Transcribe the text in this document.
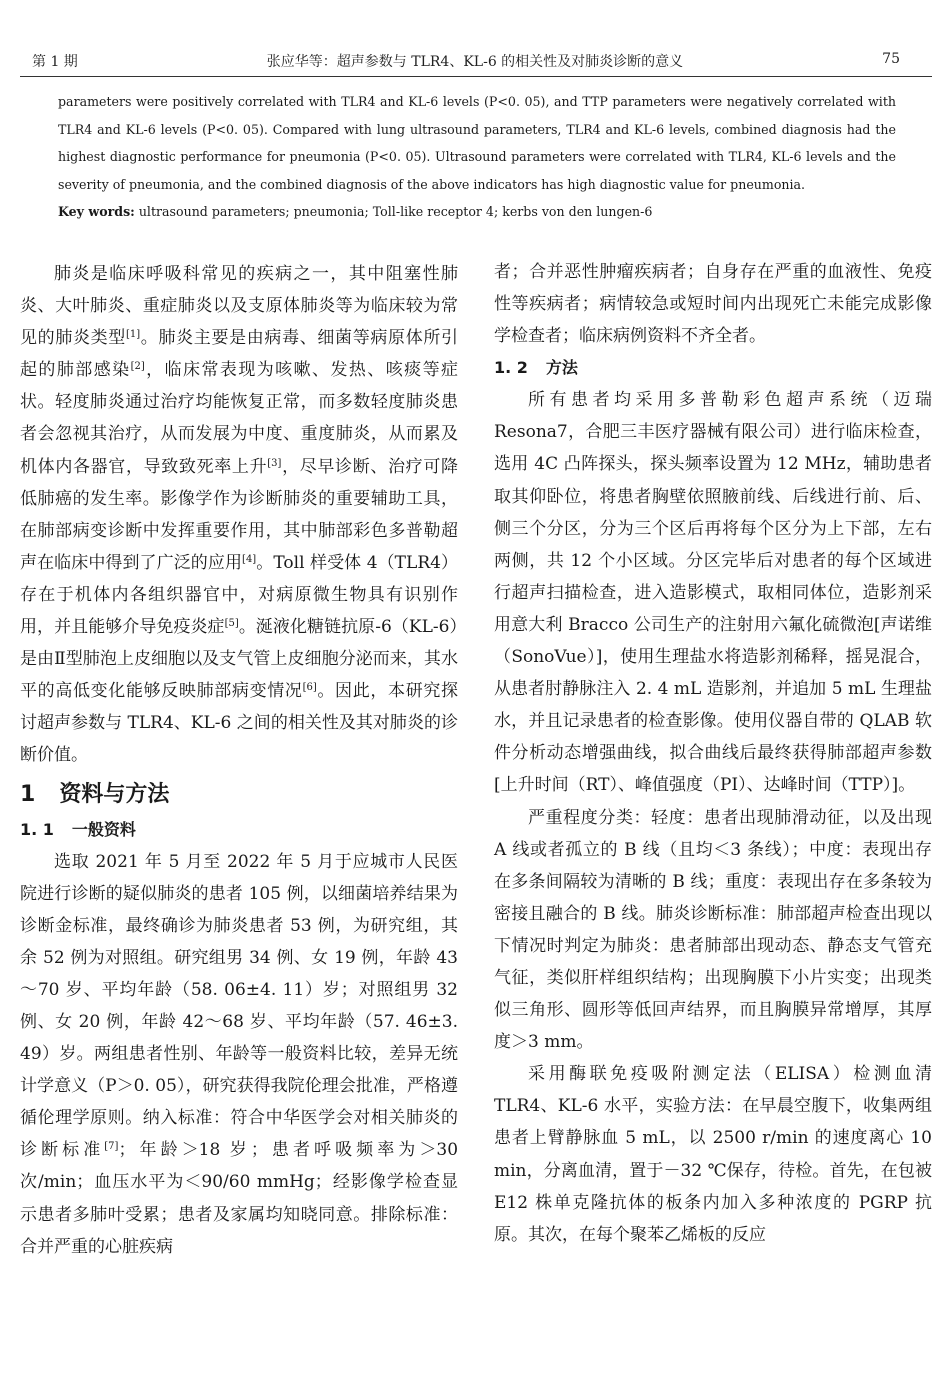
第 1 期	张应华等：超声参数与 TLR4、KL-6 的相关性及对肺炎诊断的意义	75

parameters were positively correlated with TLR4 and KL-6 levels (P<0. 05), and TTP parameters were negatively correlated with TLR4 and KL-6 levels (P<0. 05). Compared with lung ultrasound parameters, TLR4 and KL-6 levels, combined diagnosis had the highest diagnostic performance for pneumonia (P<0. 05). Ultrasound parameters were correlated with TLR4, KL-6 levels and the severity of pneumonia, and the combined diagnosis of the above indicators has high diagnostic value for pneumonia.

Key words: ultrasound parameters; pneumonia; Toll-like receptor 4; kerbs von den lungen-6

肺炎是临床呼吸科常见的疾病之一，其中阻塞性肺炎、大叶肺炎、重症肺炎以及支原体肺炎等为临床较为常见的肺炎类型[1]。肺炎主要是由病毒、细菌等病原体所引起的肺部感染[2]，临床常表现为咳嗽、发热、咳痰等症状。轻度肺炎通过治疗均能恢复正常，而多数轻度肺炎患者会忽视其治疗，从而发展为中度、重度肺炎，从而累及机体内各器官，导致致死率上升[3]，尽早诊断、治疗可降低肺癌的发生率。影像学作为诊断肺炎的重要辅助工具，在肺部病变诊断中发挥重要作用，其中肺部彩色多普勒超声在临床中得到了广泛的应用[4]。Toll 样受体 4（TLR4）存在于机体内各组织器官中，对病原微生物具有识别作用，并且能够介导免疫炎症[5]。涎液化糖链抗原-6（KL-6）是由Ⅱ型肺泡上皮细胞以及支气管上皮细胞分泌而来，其水平的高低变化能够反映肺部病变情况[6]。因此，本研究探讨超声参数与 TLR4、KL-6 之间的相关性及其对肺炎的诊断价值。

1 资料与方法
1. 1 一般资料

选取 2021 年 5 月至 2022 年 5 月于应城市人民医院进行诊断的疑似肺炎的患者 105 例，以细菌培养结果为诊断金标准，最终确诊为肺炎患者 53 例，为研究组，其余 52 例为对照组。研究组男 34 例、女 19 例，年龄 43～70 岁、平均年龄（58. 06±4. 11）岁；对照组男 32 例、女 20 例，年龄 42～68 岁、平均年龄（57. 46±3. 49）岁。两组患者性别、年龄等一般资料比较，差异无统计学意义（P＞0. 05），研究获得我院伦理会批准，严格遵循伦理学原则。纳入标准：符合中华医学会对相关肺炎的诊断标准[7]；年龄＞18 岁；患者呼吸频率为＞30 次/min；血压水平为＜90/60 mmHg；经影像学检查显示患者多肺叶受累；患者及家属均知晓同意。排除标准：合并严重的心脏疾病

者；合并恶性肿瘤疾病者；自身存在严重的血液性、免疫性等疾病者；病情较急或短时间内出现死亡未能完成影像学检查者；临床病例资料不齐全者。

1. 2 方法

所有患者均采用多普勒彩色超声系统（迈瑞 Resona7，合肥三丰医疗器械有限公司）进行临床检查，选用 4C 凸阵探头，探头频率设置为 12 MHz，辅助患者取其仰卧位，将患者胸壁依照腋前线、后线进行前、后、侧三个分区，分为三个区后再将每个区分为上下部，左右两侧，共 12 个小区域。分区完毕后对患者的每个区域进行超声扫描检查，进入造影模式，取相同体位，造影剂采用意大利 Bracco 公司生产的注射用六氟化硫微泡[声诺维（SonoVue）]，使用生理盐水将造影剂稀释，摇晃混合，从患者肘静脉注入 2. 4 mL 造影剂，并追加 5 mL 生理盐水，并且记录患者的检查影像。使用仪器自带的 QLAB 软件分析动态增强曲线，拟合曲线后最终获得肺部超声参数[上升时间（RT）、峰值强度（PI）、达峰时间（TTP）]。

严重程度分类：轻度：患者出现肺滑动征，以及出现 A 线或者孤立的 B 线（且均＜3 条线）；中度：表现出存在多条间隔较为清晰的 B 线；重度：表现出存在多条较为密接且融合的 B 线。肺炎诊断标准：肺部超声检查出现以下情况时判定为肺炎：患者肺部出现动态、静态支气管充气征，类似肝样组织结构；出现胸膜下小片实变；出现类似三角形、圆形等低回声结界，而且胸膜异常增厚，其厚度＞3 mm。

采用酶联免疫吸附测定法（ELISA）检测血清 TLR4、KL-6 水平，实验方法：在早晨空腹下，收集两组患者上臂静脉血 5 mL，以 2500 r/min 的速度离心 10 min，分离血清，置于－32 ℃保存，待检。首先，在包被 E12 株单克隆抗体的板条内加入多种浓度的 PGRP 抗原。其次，在每个聚苯乙烯板的反应
